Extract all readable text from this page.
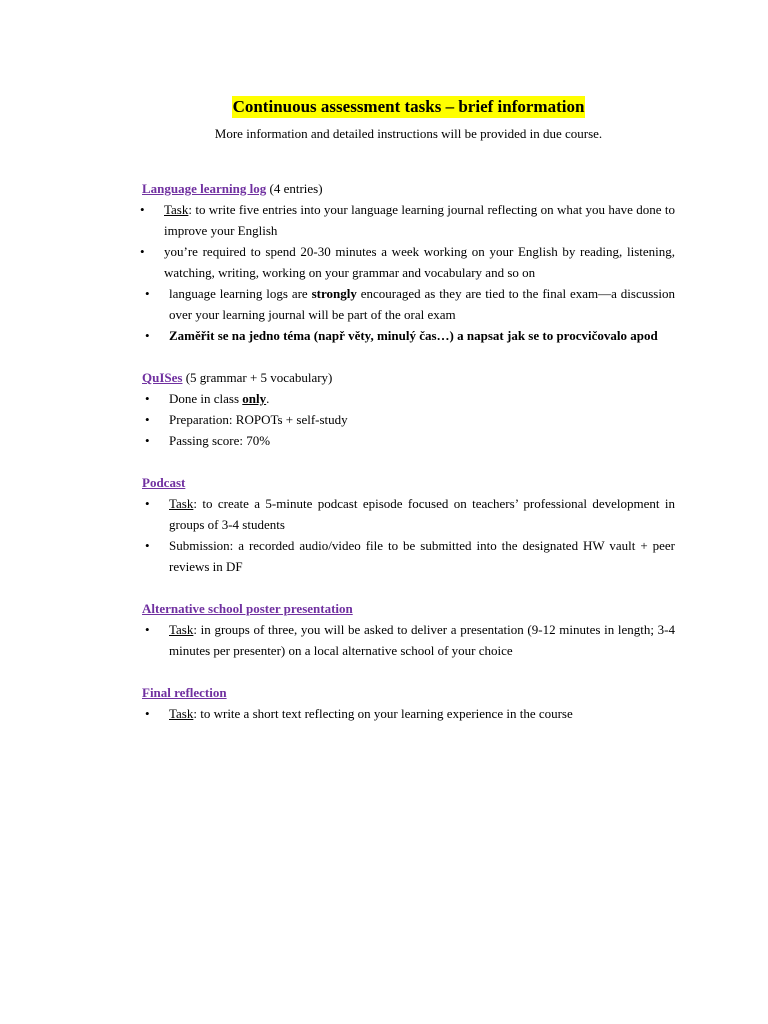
Continuous assessment tasks – brief information
More information and detailed instructions will be provided in due course.
Language learning log (4 entries)
• Task: to write five entries into your language learning journal reflecting on what you have done to improve your English
• you’re required to spend 20-30 minutes a week working on your English by reading, listening, watching, writing, working on your grammar and vocabulary and so on
• language learning logs are strongly encouraged as they are tied to the final exam—a discussion over your learning journal will be part of the oral exam
• Zaměřit se na jedno téma (např věty, minulý čas…) a napsat jak se to procvičovalo apod
QuISes (5 grammar + 5 vocabulary)
• Done in class only.
• Preparation: ROPOTs + self-study
• Passing score: 70%
Podcast
• Task: to create a 5-minute podcast episode focused on teachers’ professional development in groups of 3-4 students
• Submission: a recorded audio/video file to be submitted into the designated HW vault + peer reviews in DF
Alternative school poster presentation
• Task: in groups of three, you will be asked to deliver a presentation (9-12 minutes in length; 3-4 minutes per presenter) on a local alternative school of your choice
Final reflection
• Task: to write a short text reflecting on your learning experience in the course
